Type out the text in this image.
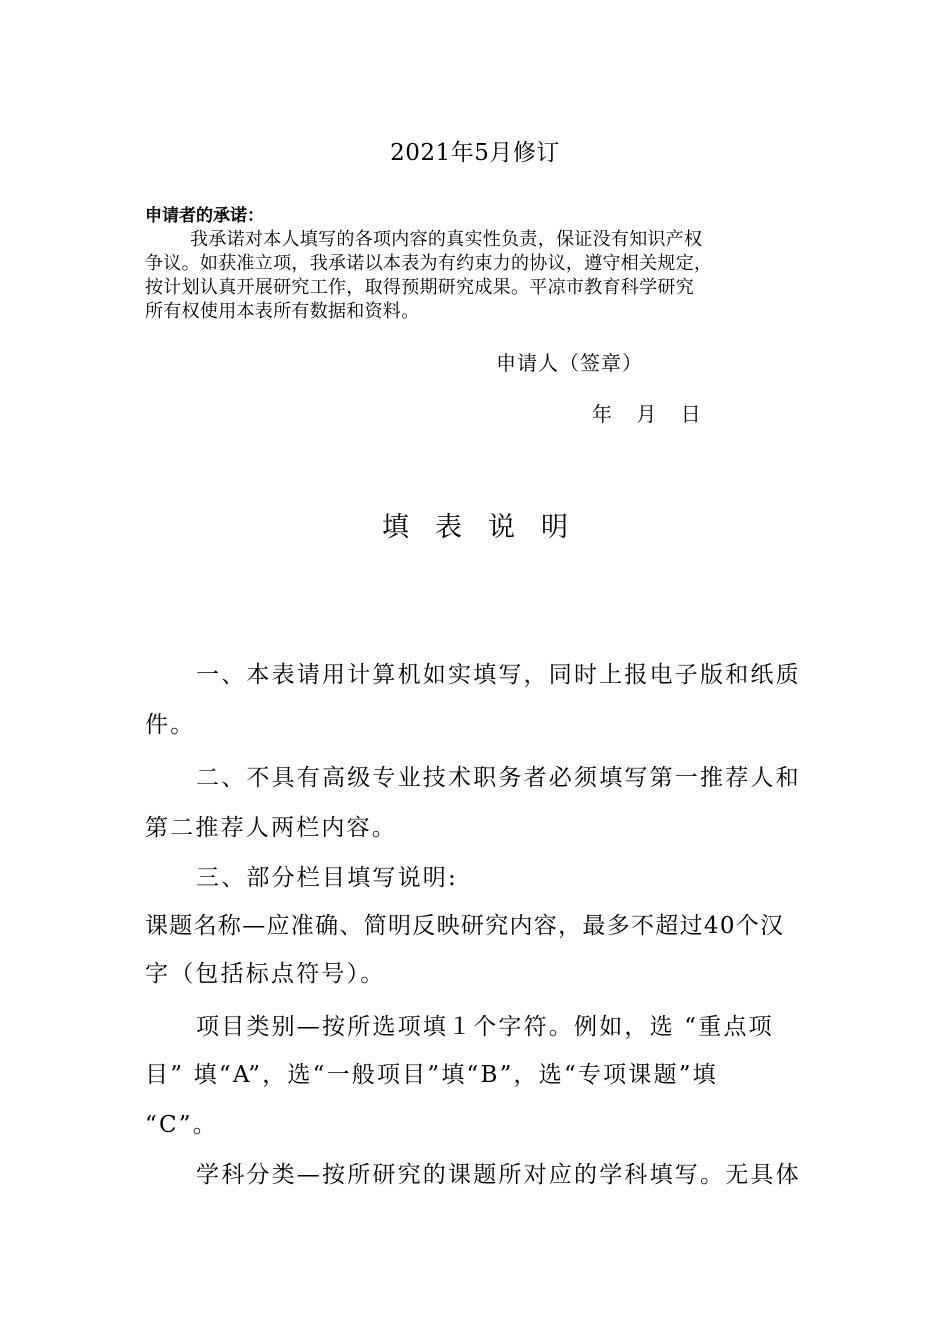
2021年5月修订
申请者的承诺：
我承诺对本人填写的各项内容的真实性负责，保证没有知识产权
争议。如获准立项，我承诺以本表为有约束力的协议，遵守相关规定，
按计划认真开展研究工作，取得预期研究成果。平凉市教育科学研究
所有权使用本表所有数据和资料。
申请人（签章）
年 月 日
填表说明
一、本表请用计算机如实填写，同时上报电子版和纸质
件。
二、不具有高级专业技术职务者必须填写第一推荐人和
第二推荐人两栏内容。
三、部分栏目填写说明:
课题名称—应准确、简明反映研究内容，最多不超过40个汉
字（包括标点符号）。
项目类别—按所选项填１个字符。例如，选 “重点项
目” 填“A”，选“一般项目”填“B”，选“专项课题”填
“C”。
学科分类—按所研究的课题所对应的学科填写。无具体
